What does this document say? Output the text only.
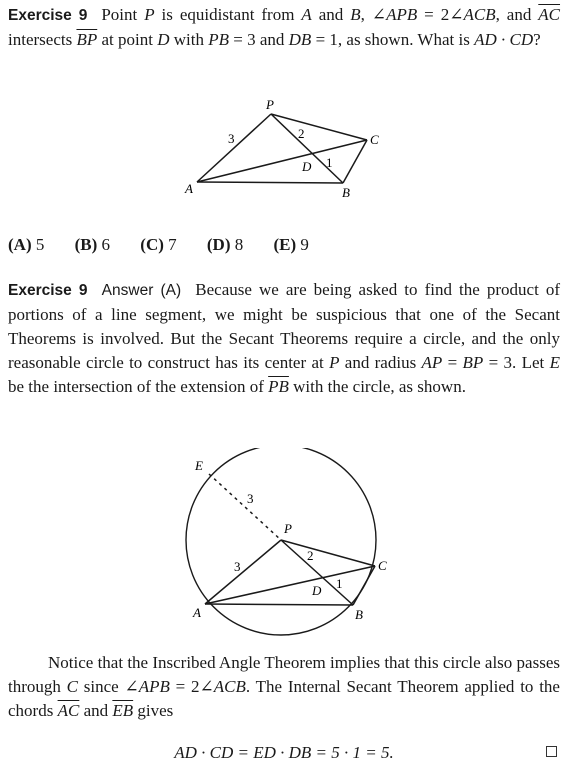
Exercise 9 Point P is equidistant from A and B, ∠APB = 2∠ACB, and $\overline{AC}$ intersects $\overline{BP}$ at point D with PB = 3 and DB = 1, as shown. What is AD · CD?
P
C
A	B
D
3	2
1
(A) 5 (B) 6 (C) 7 (D) 8 (E) 9
Exercise 9 Answer (A) Because we are being asked to find the product of portions of a line segment, we might be suspicious that one of the Secant Theorems is involved. But the Secant Theorems require a circle, and the only reasonable circle to construct has its center at P and radius AP = BP = 3. Let E be the intersection of the extension of $\overline{PB}$ with the circle, as shown.
E
P
C
A	B
D
3
3
2
1
Notice that the Inscribed Angle Theorem implies that this circle also passes through C since ∠APB = 2∠ACB. The Internal Secant Theorem applied to the chords $\overline{AC}$ and $\overline{EB}$ gives
AD · CD = ED · DB = 5 · 1 = 5.
